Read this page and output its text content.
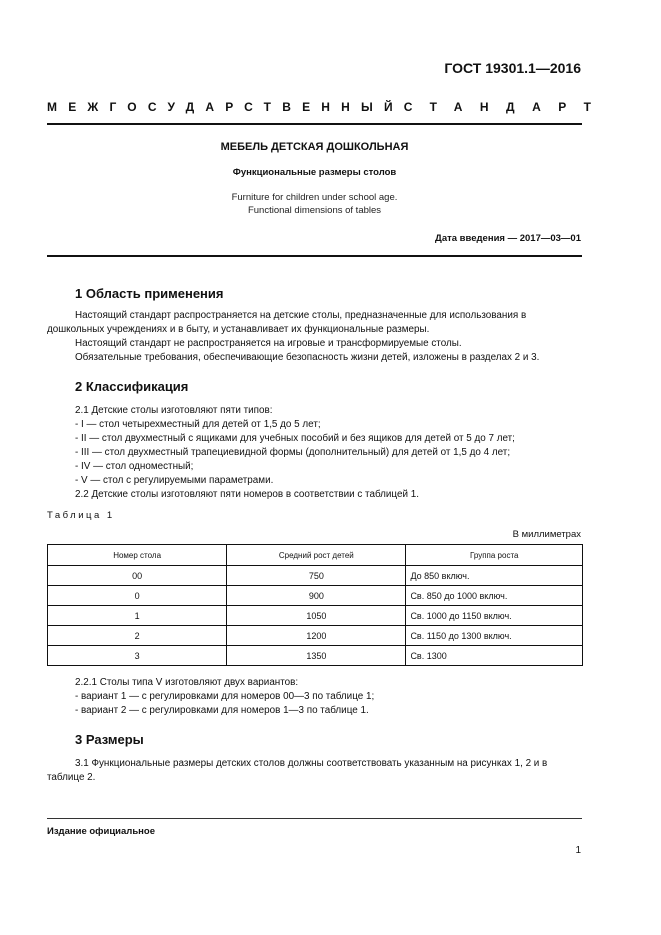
ГОСТ 19301.1—2016
МЕЖГОСУДАРСТВЕННЫЙ СТАНДАРТ
МЕБЕЛЬ ДЕТСКАЯ ДОШКОЛЬНАЯ
Функциональные размеры столов
Furniture for children under school age.
Functional dimensions of tables
Дата введения — 2017—03—01
1 Область применения

Настоящий стандарт распространяется на детские столы, предназначенные для использования в дошкольных учреждениях и в быту, и устанавливает их функциональные размеры.

Настоящий стандарт не распространяется на игровые и трансформируемые столы.

Обязательные требования, обеспечивающие безопасность жизни детей, изложены в разделах 2 и 3.

2 Классификация

2.1 Детские столы изготовляют пяти типов:

- I — стол четырехместный для детей от 1,5 до 5 лет;

- II — стол двухместный с ящиками для учебных пособий и без ящиков для детей от 5 до 7 лет;

- III — стол двухместный трапециевидной формы (дополнительный) для детей от 1,5 до 4 лет;

- IV — стол одноместный;

- V — стол с регулируемыми параметрами.

2.2 Детские столы изготовляют пяти номеров в соответствии с таблицей 1.

Таблица 1
В миллиметрах
Номер стола	Средний рост детей	Группа роста
00	750	До 850 включ.
0	900	Св. 850 до 1000 включ.
1	1050	Св. 1000 до 1150 включ.
2	1200	Св. 1150 до 1300 включ.
3	1350	Св. 1300

2.2.1 Столы типа V изготовляют двух вариантов:

- вариант 1 — с регулировками для номеров 00—3 по таблице 1;

- вариант 2 — с регулировками для номеров 1—3 по таблице 1.

3 Размеры

3.1 Функциональные размеры детских столов должны соответствовать указанным на рисунках 1, 2 и в таблице 2.

Издание официальное
1
